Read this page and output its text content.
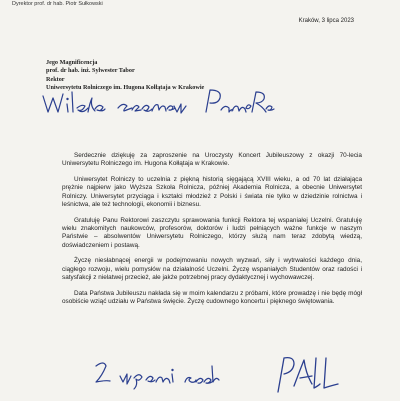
Dyrektor prof. dr hab. Piotr Sułkowski
Kraków, 3 lipca 2023
Jego Magnificencja
prof. dr hab. inż. Sylwester Tabor
Rektor
Uniwersytetu Rolniczego im. Hugona Kołłątaja w Krakowie

Serdecznie dziękuję za zaproszenie na Uroczysty Koncert Jubileuszowy z okazji 70-lecia Uniwersytetu Rolniczego im. Hugona Kołłątaja w Krakowie.

Uniwersytet Rolniczy to uczelnia z piękną historią sięgającą XVIII wieku, a od 70 lat działająca prężnie najpierw jako Wyższa Szkoła Rolnicza, później Akademia Rolnicza, a obecnie Uniwersytet Rolniczy. Uniwersytet przyciąga i kształci młodzież z Polski i świata nie tylko w dziedzinie rolnictwa i leśnictwa, ale też technologii, ekonomii i biznesu.

Gratuluję Panu Rektorowi zaszczytu sprawowania funkcji Rektora tej wspaniałej Uczelni. Gratuluję wielu znakomitych naukowców, profesorów, doktorów i ludzi pełniących ważne funkcje w naszym Państwie – absolwentów Uniwersytetu Rolniczego, którzy służą nam teraz zdobytą wiedzą, doświadczeniem i postawą.

Życzę niesłabnącej energii w podejmowaniu nowych wyzwań, siły i wytrwałości każdego dnia, ciągłego rozwoju, wielu pomysłów na działalność Uczelni. Życzę wspaniałych Studentów oraz radości i satysfakcji z nielatwej przecież, ale jakże potrzebnej pracy dydaktycznej i wychowawczej.

Data Państwa Jubileuszu nakłada się w moim kalendarzu z próbami, które prowadzę i nie będę mógł osobiście wziąć udziału w Państwa święcie. Życzę cudownego koncertu i pięknego świętowania.
